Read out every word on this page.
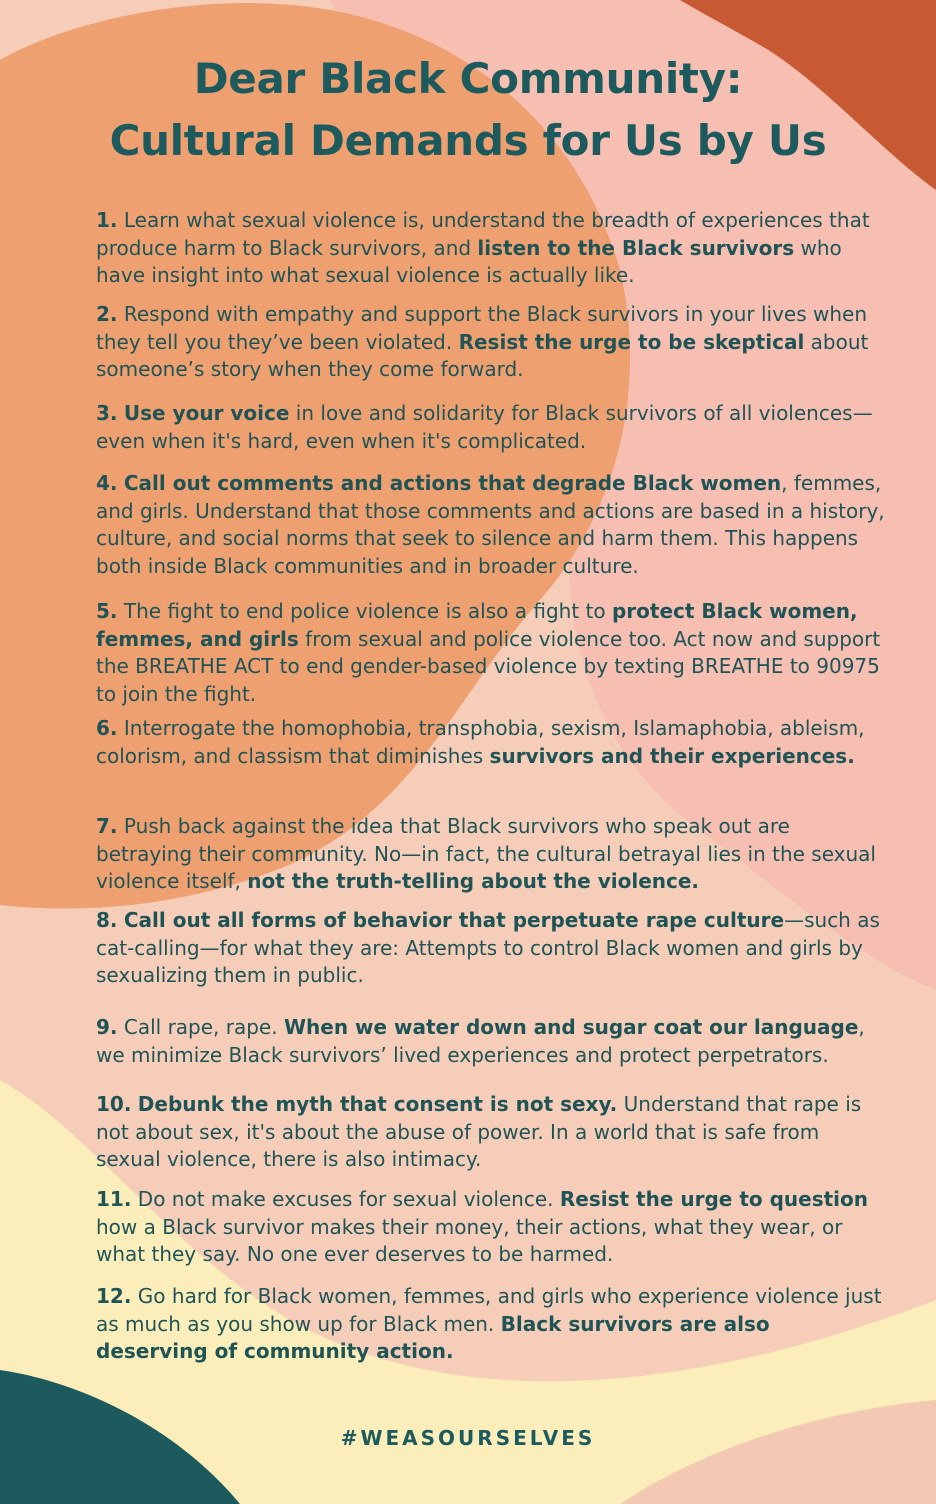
Dear Black Community:
Cultural Demands for Us by Us

1. Learn what sexual violence is, understand the breadth of experiences that produce harm to Black survivors, and listen to the Black survivors who have insight into what sexual violence is actually like.

2. Respond with empathy and support the Black survivors in your lives when they tell you they’ve been violated. Resist the urge to be skeptical about someone’s story when they come forward.

3. Use your voice in love and solidarity for Black survivors of all violences—even when it's hard, even when it's complicated.

4. Call out comments and actions that degrade Black women, femmes, and girls. Understand that those comments and actions are based in a history, culture, and social norms that seek to silence and harm them. This happens both inside Black communities and in broader culture.

5. The fight to end police violence is also a fight to protect Black women, femmes, and girls from sexual and police violence too. Act now and support the BREATHE ACT to end gender-based violence by texting BREATHE to 90975 to join the fight.

6. Interrogate the homophobia, transphobia, sexism, Islamaphobia, ableism, colorism, and classism that diminishes survivors and their experiences.

7. Push back against the idea that Black survivors who speak out are betraying their community. No—in fact, the cultural betrayal lies in the sexual violence itself, not the truth-telling about the violence.

8. Call out all forms of behavior that perpetuate rape culture—such as cat-calling—for what they are: Attempts to control Black women and girls by sexualizing them in public.

9. Call rape, rape. When we water down and sugar coat our language, we minimize Black survivors’ lived experiences and protect perpetrators.

10. Debunk the myth that consent is not sexy. Understand that rape is not about sex, it's about the abuse of power. In a world that is safe from sexual violence, there is also intimacy.

11. Do not make excuses for sexual violence. Resist the urge to question how a Black survivor makes their money, their actions, what they wear, or what they say. No one ever deserves to be harmed.

12. Go hard for Black women, femmes, and girls who experience violence just as much as you show up for Black men. Black survivors are also deserving of community action.

#WEASOURSELVES
